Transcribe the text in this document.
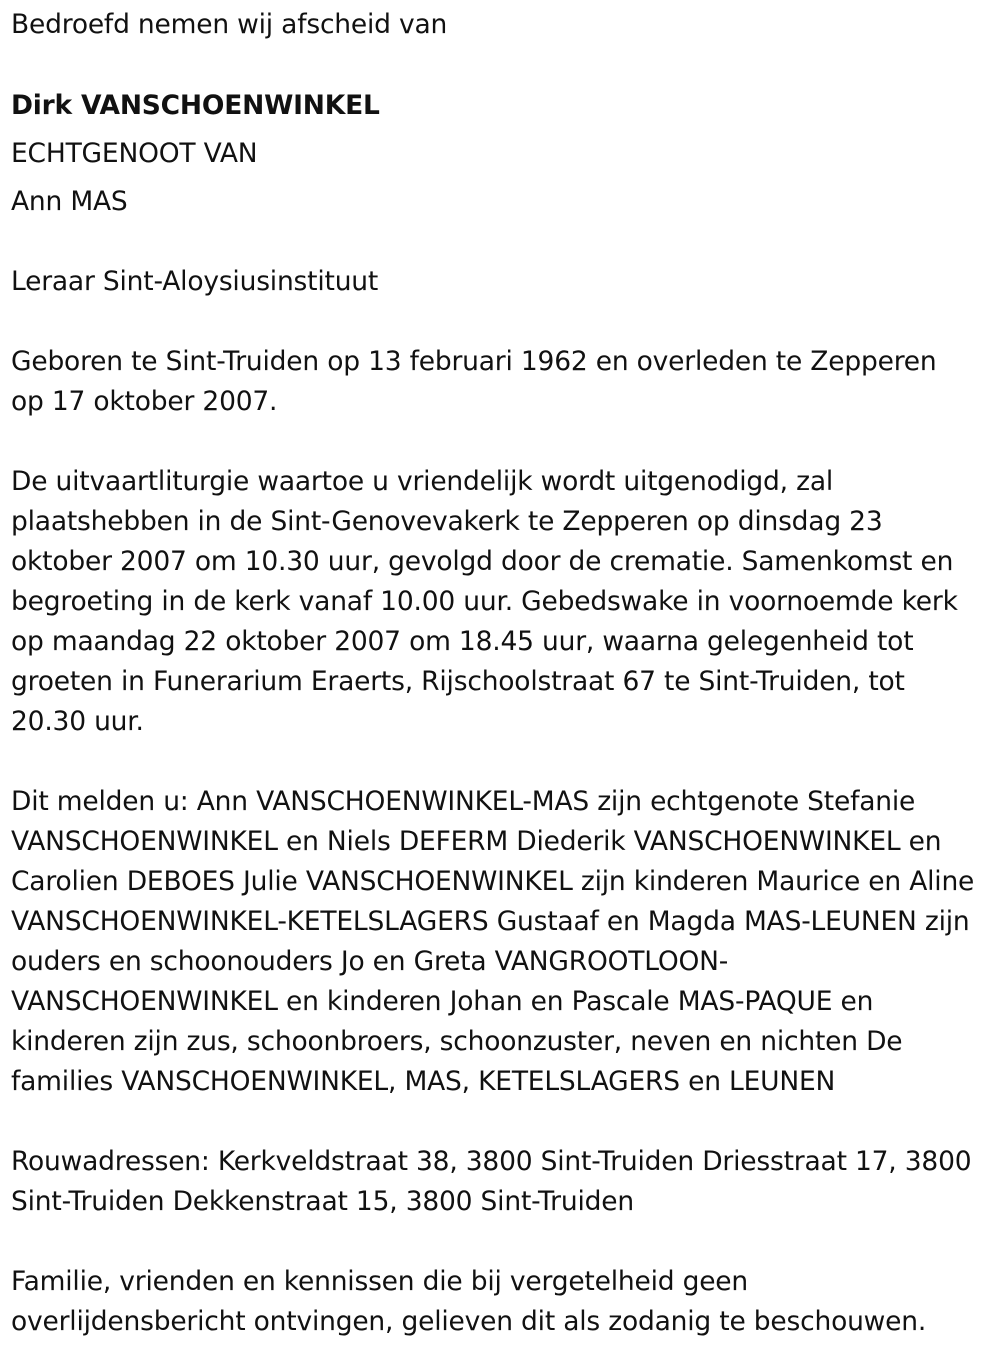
Bedroefd nemen wij afscheid van
Dirk VANSCHOENWINKEL
ECHTGENOOT VAN
Ann MAS
Leraar Sint-Aloysiusinstituut
Geboren te Sint-Truiden op 13 februari 1962 en overleden te Zepperen
op 17 oktober 2007.
De uitvaartliturgie waartoe u vriendelijk wordt uitgenodigd, zal
plaatshebben in de Sint-Genovevakerk te Zepperen op dinsdag 23
oktober 2007 om 10.30 uur, gevolgd door de crematie. Samenkomst en
begroeting in de kerk vanaf 10.00 uur. Gebedswake in voornoemde kerk
op maandag 22 oktober 2007 om 18.45 uur, waarna gelegenheid tot
groeten in Funerarium Eraerts, Rijschoolstraat 67 te Sint-Truiden, tot
20.30 uur.
Dit melden u: Ann VANSCHOENWINKEL-MAS zijn echtgenote Stefanie
VANSCHOENWINKEL en Niels DEFERM Diederik VANSCHOENWINKEL en
Carolien DEBOES Julie VANSCHOENWINKEL zijn kinderen Maurice en Aline
VANSCHOENWINKEL-KETELSLAGERS Gustaaf en Magda MAS-LEUNEN zijn
ouders en schoonouders Jo en Greta VANGROOTLOON-
VANSCHOENWINKEL en kinderen Johan en Pascale MAS-PAQUE en
kinderen zijn zus, schoonbroers, schoonzuster, neven en nichten De
families VANSCHOENWINKEL, MAS, KETELSLAGERS en LEUNEN
Rouwadressen: Kerkveldstraat 38, 3800 Sint-Truiden Driesstraat 17, 3800
Sint-Truiden Dekkenstraat 15, 3800 Sint-Truiden
Familie, vrienden en kennissen die bij vergetelheid geen
overlijdensbericht ontvingen, gelieven dit als zodanig te beschouwen.
